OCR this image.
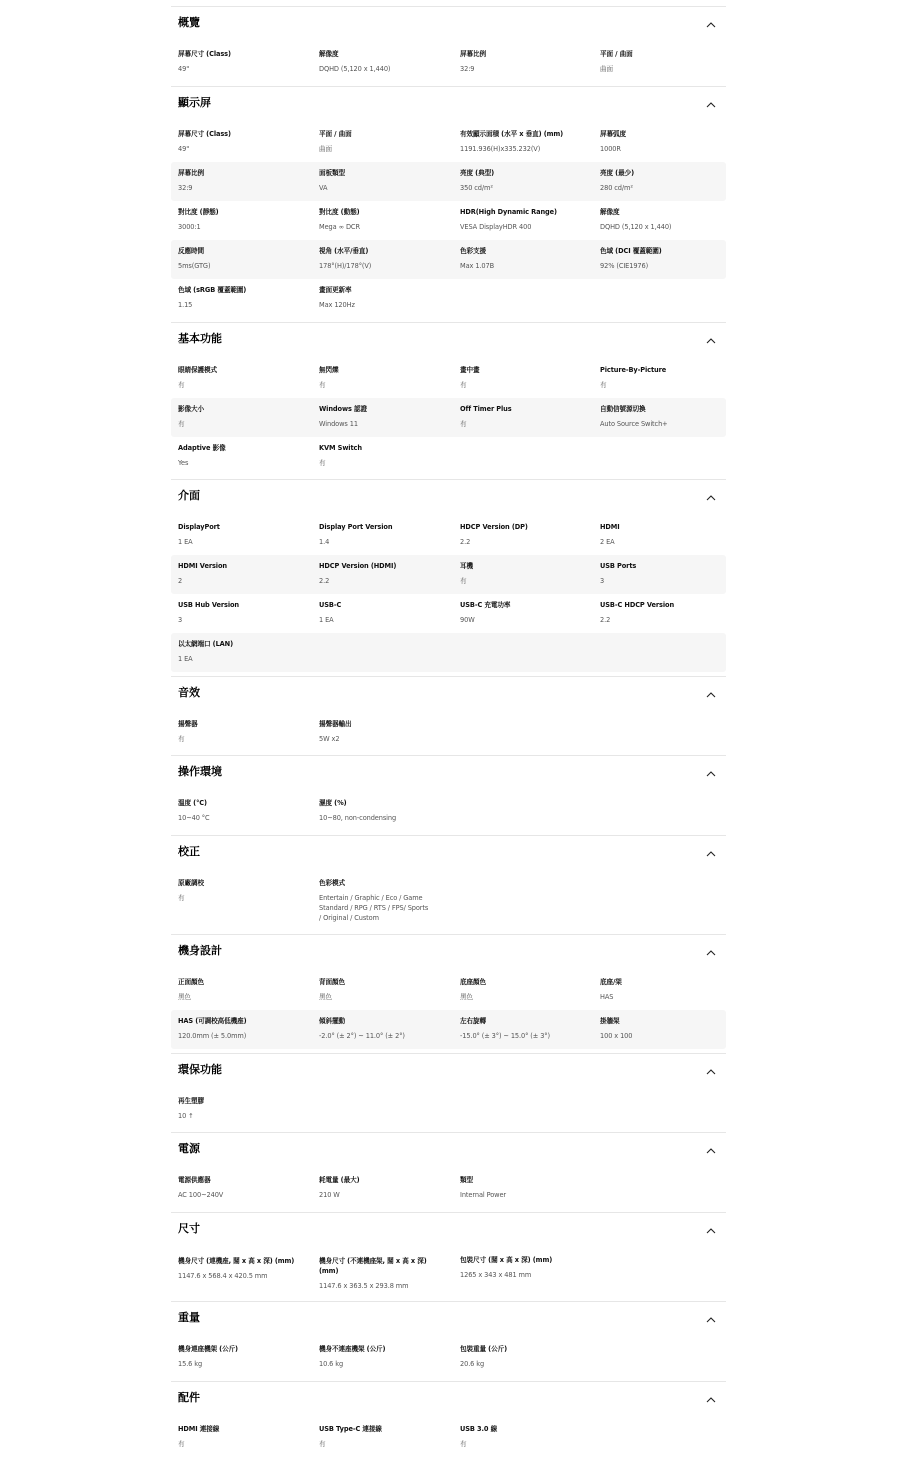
概覽
屏幕尺寸 (Class)
49"
解像度
DQHD (5,120 x 1,440)
屏幕比例
32:9
平面 / 曲面
曲面
顯示屏
屏幕尺寸 (Class)
49"
平面 / 曲面
曲面
有效顯示面積 (水平 x 垂直) (mm)
1191.936(H)x335.232(V)
屏幕弧度
1000R
屏幕比例
32:9
面板類型
VA
亮度 (典型)
350 cd/m²
亮度 (最少)
280 cd/m²
對比度 (靜態)
3000:1
對比度 (動態)
Mega ∞ DCR
HDR(High Dynamic Range)
VESA DisplayHDR 400
解像度
DQHD (5,120 x 1,440)
反應時間
5ms(GTG)
視角 (水平/垂直)
178°(H)/178°(V)
色彩支援
Max 1.07B
色域 (DCI 覆蓋範圍)
92% (CIE1976)
色域 (sRGB 覆蓋範圍)
1.15
畫面更新率
Max 120Hz
基本功能
眼睛保護模式
有
無閃爍
有
畫中畫
有
Picture-By-Picture
有
影像大小
有
Windows 認證
Windows 11
Off Timer Plus
有
自動信號源切換
Auto Source Switch+
Adaptive 影像
Yes
KVM Switch
有
介面
DisplayPort
1 EA
Display Port Version
1.4
HDCP Version (DP)
2.2
HDMI
2 EA
HDMI Version
2
HDCP Version (HDMI)
2.2
耳機
有
USB Ports
3
USB Hub Version
3
USB-C
1 EA
USB-C 充電功率
90W
USB-C HDCP Version
2.2
以太網端口 (LAN)
1 EA
音效
揚聲器
有
揚聲器輸出
5W x2
操作環境
溫度 (°C)
10~40 °C
濕度 (%)
10~80, non-condensing
校正
原廠調校
有
色彩模式
Entertain / Graphic / Eco / Game
Standard / RPG / RTS / FPS/ Sports
/ Original / Custom
機身設計
正面顏色
黑色
背面顏色
黑色
底座顏色
黑色
底座/架
HAS
HAS (可調校高低機座)
120.0mm (± 5.0mm)
傾斜擺動
-2.0° (± 2°) ~ 11.0° (± 2°)
左右旋轉
-15.0° (± 3°) ~ 15.0° (± 3°)
掛牆架
100 x 100
環保功能
再生塑膠
10 ↑
電源
電源供應器
AC 100~240V
耗電量 (最大)
210 W
類型
Internal Power
尺寸
機身尺寸 (連機座, 闊 x 高 x 深) (mm)
1147.6 x 568.4 x 420.5 mm
機身尺寸 (不連機座架, 闊 x 高 x 深) (mm)
1147.6 x 363.5 x 293.8 mm
包裝尺寸 (闊 x 高 x 深) (mm)
1265 x 343 x 481 mm
重量
機身連座機架 (公斤)
15.6 kg
機身不連座機架 (公斤)
10.6 kg
包裝重量 (公斤)
20.6 kg
配件
HDMI 連接線
有
USB Type-C 連接線
有
USB 3.0 線
有
